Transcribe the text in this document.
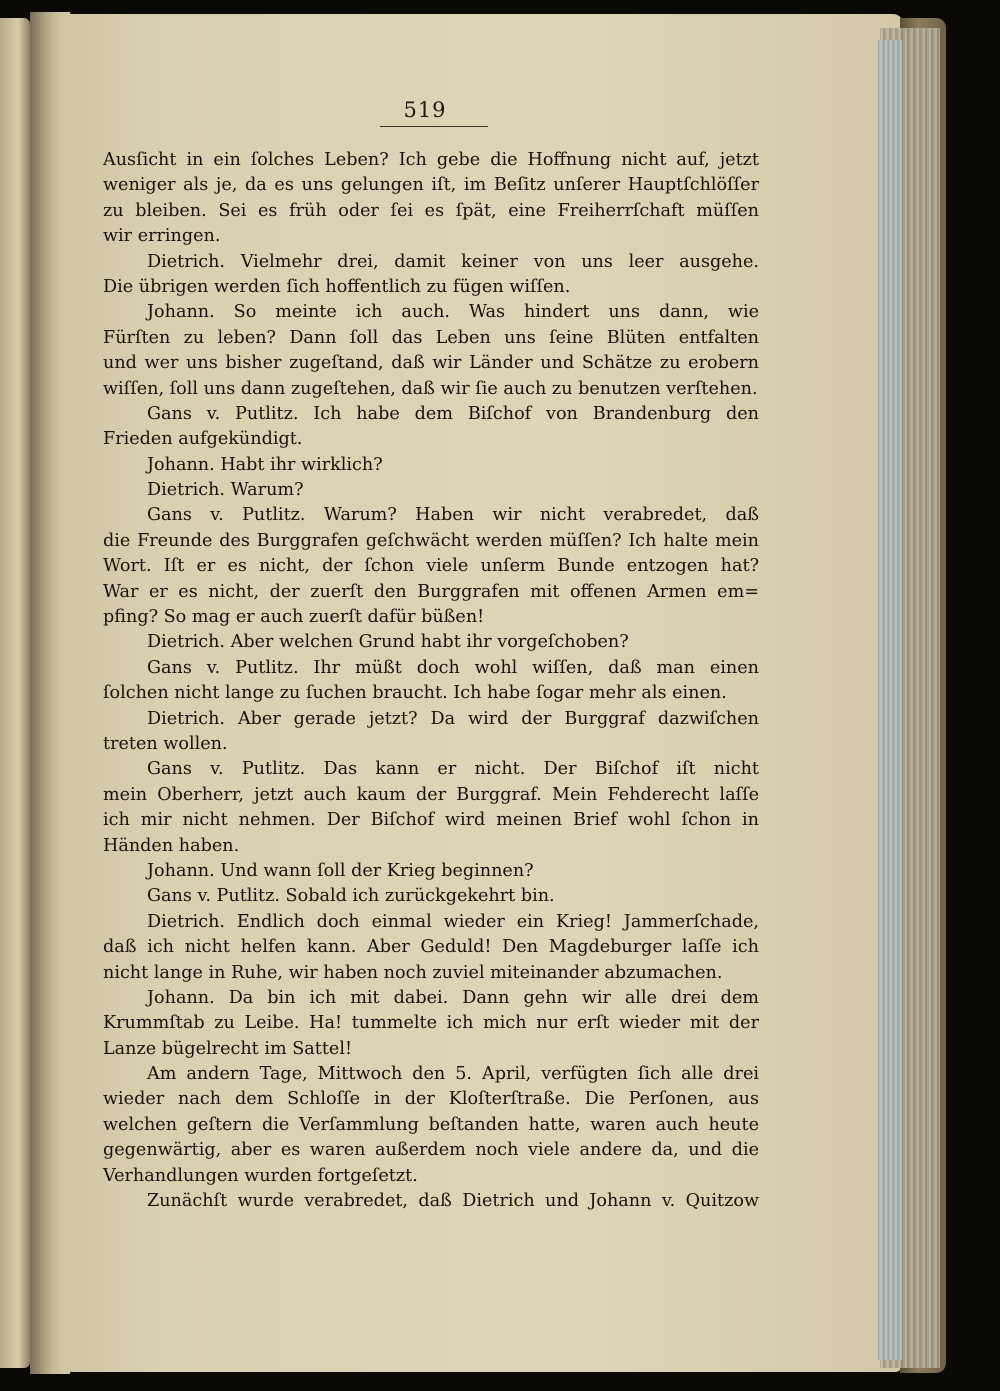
519
Ausſicht in ein ſolches Leben? Ich gebe die Hoffnung nicht auf, jetzt
weniger als je, da es uns gelungen iſt, im Beſitz unſerer Hauptſchlöſſer
zu bleiben. Sei es früh oder ſei es ſpät, eine Freiherrſchaft müſſen
wir erringen.
Dietrich. Vielmehr drei, damit keiner von uns leer ausgehe.
Die übrigen werden ſich hoffentlich zu fügen wiſſen.
Johann. So meinte ich auch. Was hindert uns dann, wie
Fürſten zu leben? Dann ſoll das Leben uns ſeine Blüten entfalten
und wer uns bisher zugeſtand, daß wir Länder und Schätze zu erobern
wiſſen, ſoll uns dann zugeſtehen, daß wir ſie auch zu benutzen verſtehen.
Gans v. Putlitz. Ich habe dem Biſchof von Brandenburg den
Frieden aufgekündigt.
Johann. Habt ihr wirklich?
Dietrich. Warum?
Gans v. Putlitz. Warum? Haben wir nicht verabredet, daß
die Freunde des Burggrafen geſchwächt werden müſſen? Ich halte mein
Wort. Iſt er es nicht, der ſchon viele unſerm Bunde entzogen hat?
War er es nicht, der zuerſt den Burggrafen mit offenen Armen em=
pfing? So mag er auch zuerſt dafür büßen!
Dietrich. Aber welchen Grund habt ihr vorgeſchoben?
Gans v. Putlitz. Ihr müßt doch wohl wiſſen, daß man einen
ſolchen nicht lange zu ſuchen braucht. Ich habe ſogar mehr als einen.
Dietrich. Aber gerade jetzt? Da wird der Burggraf dazwiſchen
treten wollen.
Gans v. Putlitz. Das kann er nicht. Der Biſchof iſt nicht
mein Oberherr, jetzt auch kaum der Burggraf. Mein Fehderecht laſſe
ich mir nicht nehmen. Der Biſchof wird meinen Brief wohl ſchon in
Händen haben.
Johann. Und wann ſoll der Krieg beginnen?
Gans v. Putlitz. Sobald ich zurückgekehrt bin.
Dietrich. Endlich doch einmal wieder ein Krieg! Jammerſchade,
daß ich nicht helfen kann. Aber Geduld! Den Magdeburger laſſe ich
nicht lange in Ruhe, wir haben noch zuviel miteinander abzumachen.
Johann. Da bin ich mit dabei. Dann gehn wir alle drei dem
Krummſtab zu Leibe. Ha! tummelte ich mich nur erſt wieder mit der
Lanze bügelrecht im Sattel!
Am andern Tage, Mittwoch den 5. April, verfügten ſich alle drei
wieder nach dem Schloſſe in der Kloſterſtraße. Die Perſonen, aus
welchen geſtern die Verſammlung beſtanden hatte, waren auch heute
gegenwärtig, aber es waren außerdem noch viele andere da, und die
Verhandlungen wurden fortgeſetzt.
Zunächſt wurde verabredet, daß Dietrich und Johann v. Quitzow
